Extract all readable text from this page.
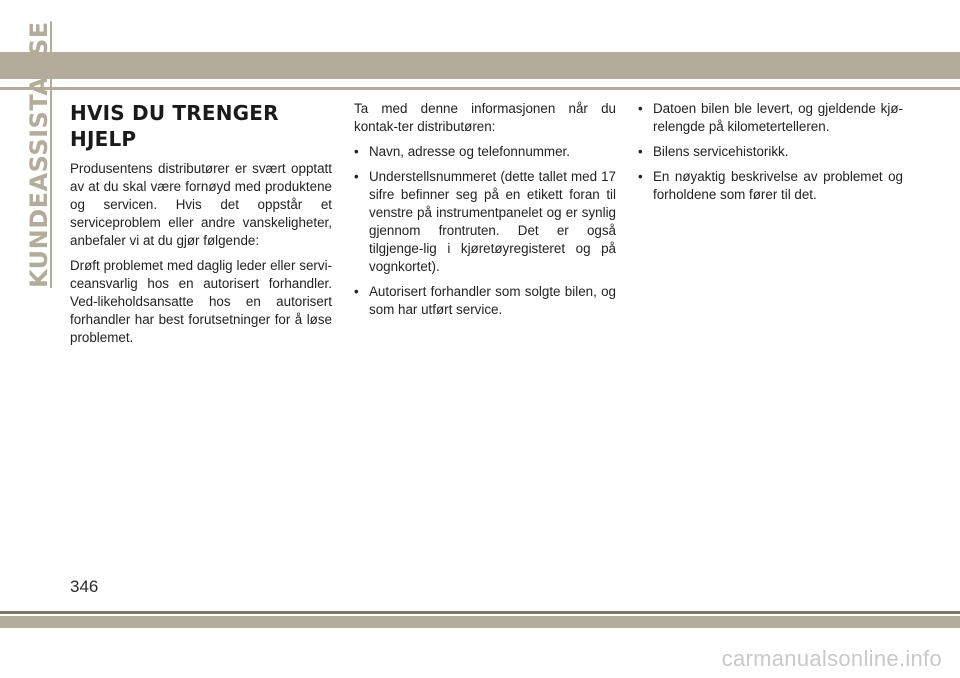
KUNDEASSISTANSE HVIS DU TRENGER HJELP

Produsentens distributører er svært opptatt av at du skal være fornøyd med produktene og servicen. Hvis det oppstår et serviceproblem eller andre vanskeligheter, anbefaler vi at du gjør følgende:

Drøft problemet med daglig leder eller servi-ceansvarlig hos en autorisert forhandler. Ved-likeholdsansatte hos en autorisert forhandler har best forutsetninger for å løse problemet.

Ta med denne informasjonen når du kontak-ter distributøren:

• Navn, adresse og telefonnummer.
• Understellsnummeret (dette tallet med 17 sifre befinner seg på en etikett foran til venstre på instrumentpanelet og er synlig gjennom frontruten. Det er også tilgjenge-lig i kjøretøyregisteret og på vognkortet).
• Autorisert forhandler som solgte bilen, og som har utført service.
• Datoen bilen ble levert, og gjeldende kjø-relengde på kilometertelleren.
• Bilens servicehistorikk.
• En nøyaktig beskrivelse av problemet og forholdene som fører til det.
346
carmanualsonline.info
